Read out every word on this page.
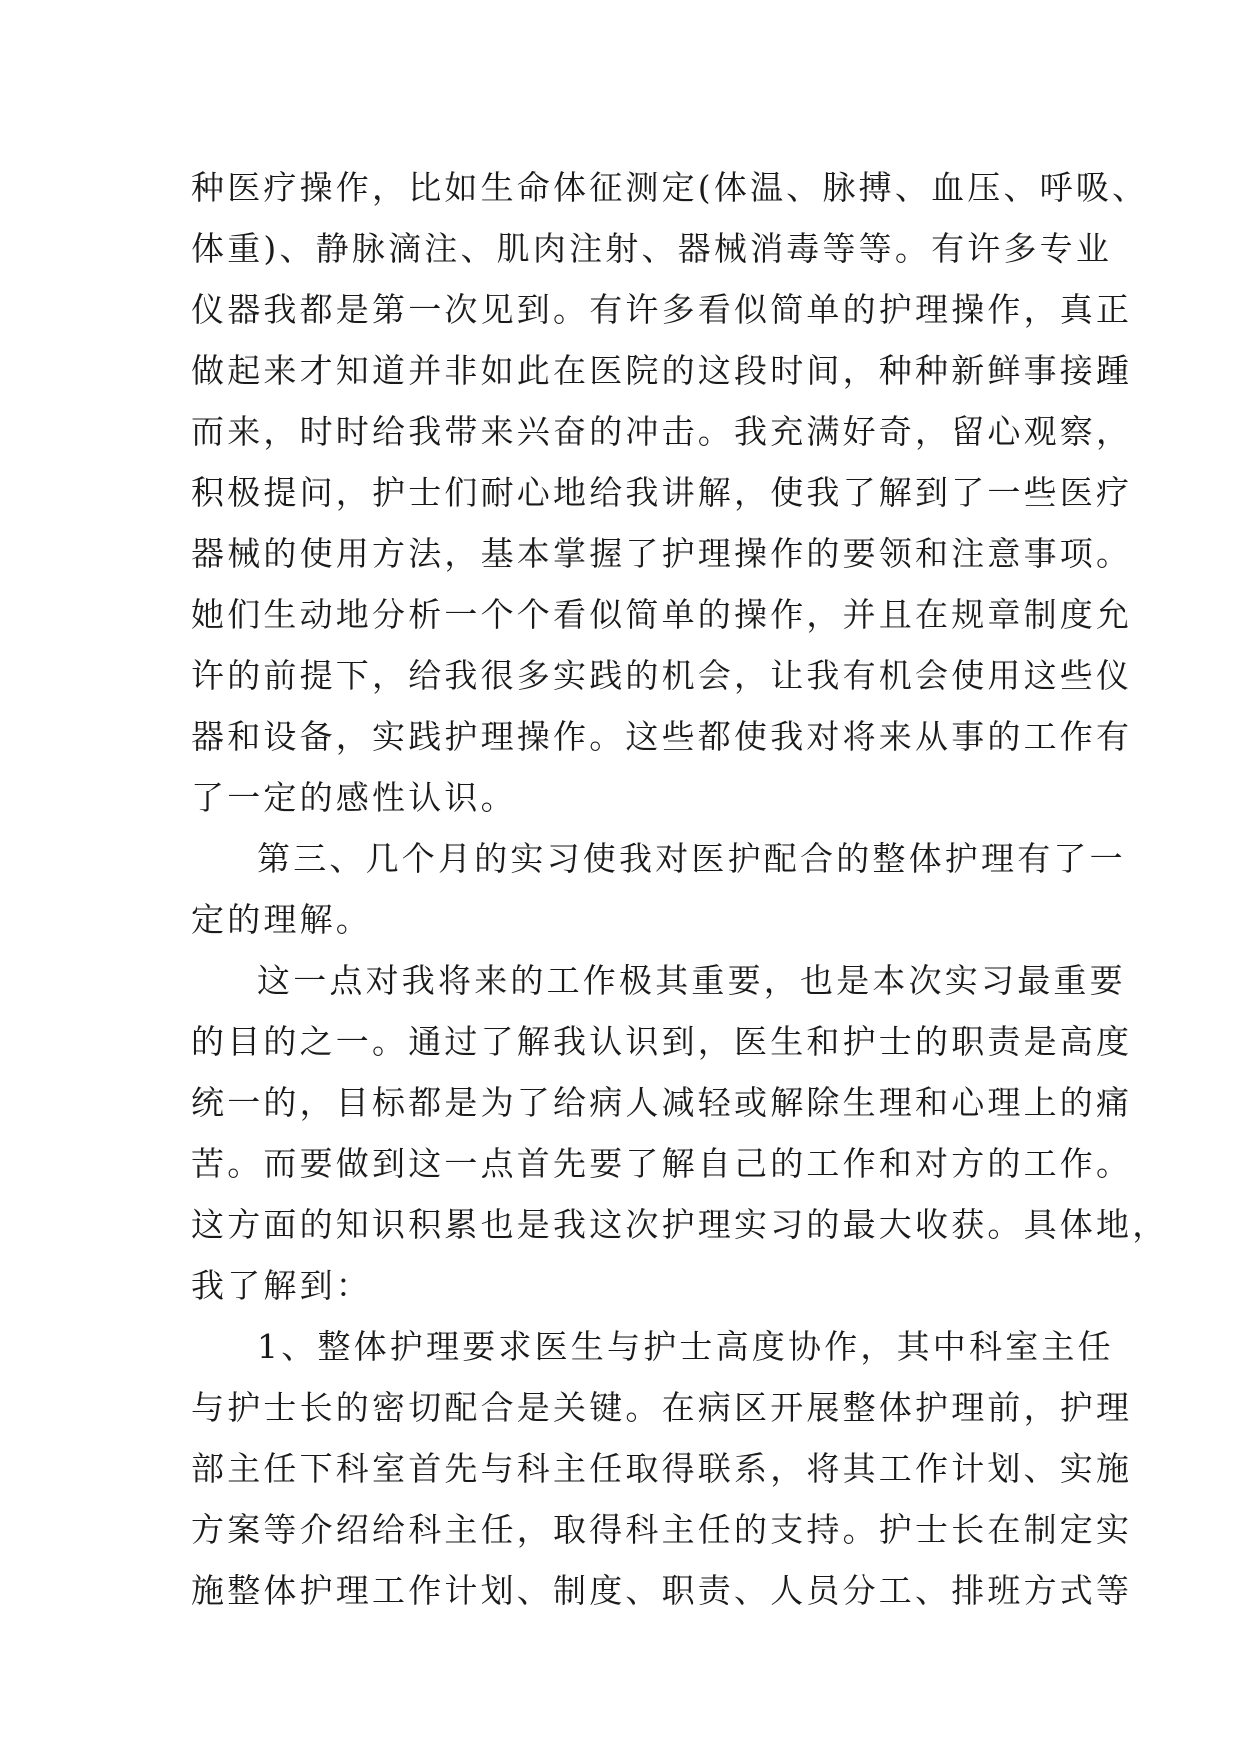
种医疗操作，比如生命体征测定(体温、脉搏、血压、呼吸、
体重)、静脉滴注、肌肉注射、器械消毒等等。有许多专业
仪器我都是第一次见到。有许多看似简单的护理操作，真正
做起来才知道并非如此在医院的这段时间，种种新鲜事接踵
而来，时时给我带来兴奋的冲击。我充满好奇，留心观察，
积极提问，护士们耐心地给我讲解，使我了解到了一些医疗
器械的使用方法，基本掌握了护理操作的要领和注意事项。
她们生动地分析一个个看似简单的操作，并且在规章制度允
许的前提下，给我很多实践的机会，让我有机会使用这些仪
器和设备，实践护理操作。这些都使我对将来从事的工作有
了一定的感性认识。
第三、几个月的实习使我对医护配合的整体护理有了一
定的理解。
这一点对我将来的工作极其重要，也是本次实习最重要
的目的之一。通过了解我认识到，医生和护士的职责是高度
统一的，目标都是为了给病人减轻或解除生理和心理上的痛
苦。而要做到这一点首先要了解自己的工作和对方的工作。
这方面的知识积累也是我这次护理实习的最大收获。具体地，
我了解到：
1、整体护理要求医生与护士高度协作，其中科室主任
与护士长的密切配合是关键。在病区开展整体护理前，护理
部主任下科室首先与科主任取得联系，将其工作计划、实施
方案等介绍给科主任，取得科主任的支持。护士长在制定实
施整体护理工作计划、制度、职责、人员分工、排班方式等
